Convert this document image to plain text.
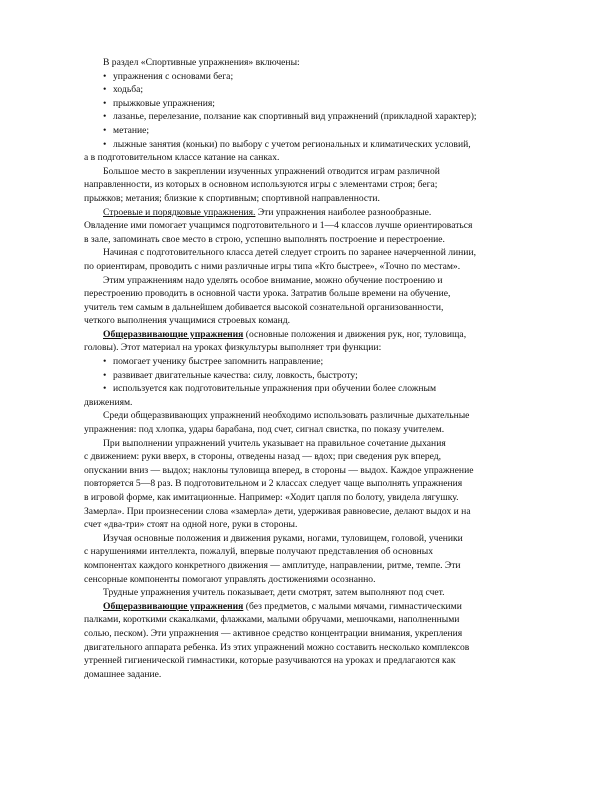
В раздел «Спортивные упражнения» включены:
• упражнения с основами бега;
• ходьба;
• прыжковые упражнения;
• лазанье, перелезание, ползание как спортивный вид упражнений (прикладной характер);
• метание;
• лыжные занятия (коньки) по выбору с учетом региональных и климатических условий,
а в подготовительном классе катание на санках.
Большое место в закреплении изученных упражнений отводится играм различной
направленности, из которых в основном используются игры с элементами строя; бега;
прыжков; метания; близкие к спортивным; спортивной направленности.
Строевые и порядковые упражнения. Эти упражнения наиболее разнообразные.
Овладение ими помогает учащимся подготовительного и 1—4 классов лучше ориентироваться
в зале, запоминать свое место в строю, успешно выполнять построение и перестроение.
Начиная с подготовительного класса детей следует строить по заранее начерченной линии,
по ориентирам, проводить с ними различные игры типа «Кто быстрее», «Точно по местам».
Этим упражнениям надо уделять особое внимание, можно обучение построению и
перестроению проводить в основной части урока. Затратив больше времени на обучение,
учитель тем самым в дальнейшем добивается высокой сознательной организованности,
четкого выполнения учащимися строевых команд.
Общеразвивающие упражнения (основные положения и движения рук, ног, туловища,
головы). Этот материал на уроках физкультуры выполняет три функции:
• помогает ученику быстрее запомнить направление;
• развивает двигательные качества: силу, ловкость, быстроту;
• используется как подготовительные упражнения при обучении более сложным
движениям.
Среди общеразвивающих упражнений необходимо использовать различные дыхательные
упражнения: под хлопка, удары барабана, под счет, сигнал свистка, по показу учителем.
При выполнении упражнений учитель указывает на правильное сочетание дыхания
с движением: руки вверх, в стороны, отведены назад — вдох; при сведения рук вперед,
опускании вниз — выдох; наклоны туловища вперед, в стороны — выдох. Каждое упражнение
повторяется 5—8 раз. В подготовительном и 2 классах следует чаще выполнять упражнения
в игровой форме, как имитационные. Например: «Ходит цапля по болоту, увидела лягушку.
Замерла». При произнесении слова «замерла» дети, удерживая равновесие, делают выдох и на
счет «два-три» стоят на одной ноге, руки в стороны.
Изучая основные положения и движения руками, ногами, туловищем, головой, ученики
с нарушениями интеллекта, пожалуй, впервые получают представления об основных
компонентах каждого конкретного движения — амплитуде, направлении, ритме, темпе. Эти
сенсорные компоненты помогают управлять достижениями осознанно.
Трудные упражнения учитель показывает, дети смотрят, затем выполняют под счет.
Общеразвивающие упражнения (без предметов, с малыми мячами, гимнастическими
палками, короткими скакалками, флажками, малыми обручами, мешочками, наполненными
солью, песком). Эти упражнения — активное средство концентрации внимания, укрепления
двигательного аппарата ребенка. Из этих упражнений можно составить несколько комплексов
утренней гигиенической гимнастики, которые разучиваются на уроках и предлагаются как
домашнее задание.
